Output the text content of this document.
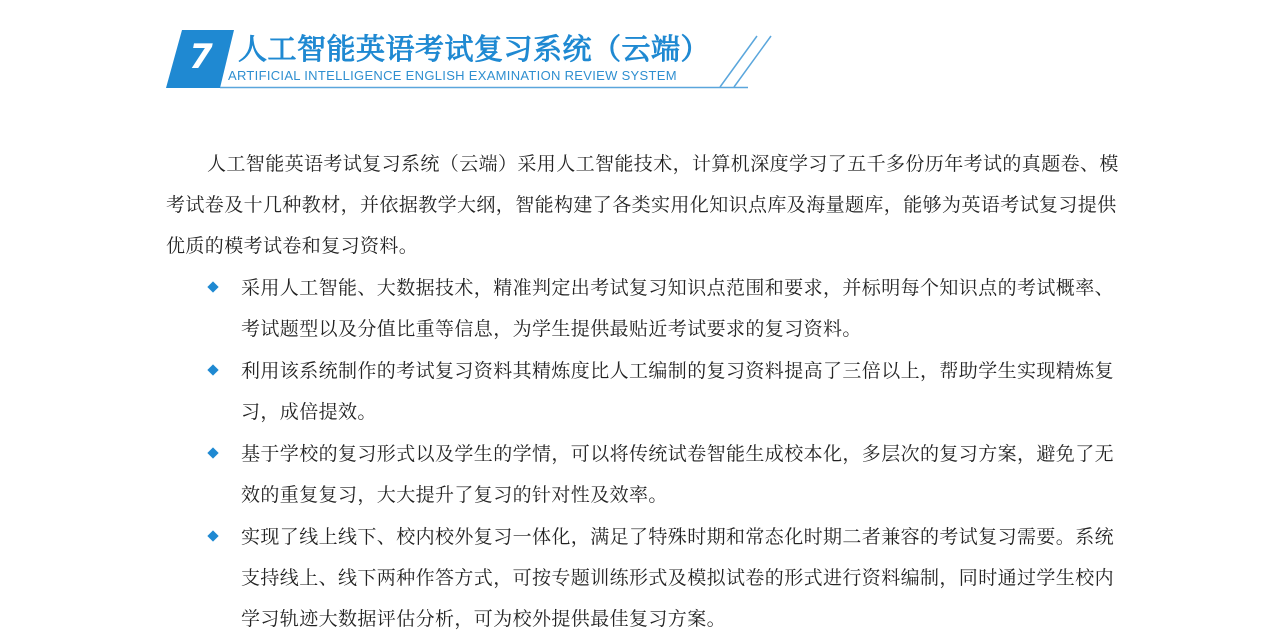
7 人工智能英语考试复习系统（云端）
ARTIFICIAL INTELLIGENCE ENGLISH EXAMINATION REVIEW SYSTEM

人工智能英语考试复习系统（云端）采用人工智能技术，计算机深度学习了五千多份历年考试的真题卷、模考试卷及十几种教材，并依据教学大纲，智能构建了各类实用化知识点库及海量题库，能够为英语考试复习提供优质的模考试卷和复习资料。

采用人工智能、大数据技术，精准判定出考试复习知识点范围和要求，并标明每个知识点的考试概率、考试题型以及分值比重等信息，为学生提供最贴近考试要求的复习资料。
利用该系统制作的考试复习资料其精炼度比人工编制的复习资料提高了三倍以上，帮助学生实现精炼复习，成倍提效。
基于学校的复习形式以及学生的学情，可以将传统试卷智能生成校本化，多层次的复习方案，避免了无效的重复复习，大大提升了复习的针对性及效率。
实现了线上线下、校内校外复习一体化，满足了特殊时期和常态化时期二者兼容的考试复习需要。系统支持线上、线下两种作答方式，可按专题训练形式及模拟试卷的形式进行资料编制，同时通过学生校内学习轨迹大数据评估分析，可为校外提供最佳复习方案。
